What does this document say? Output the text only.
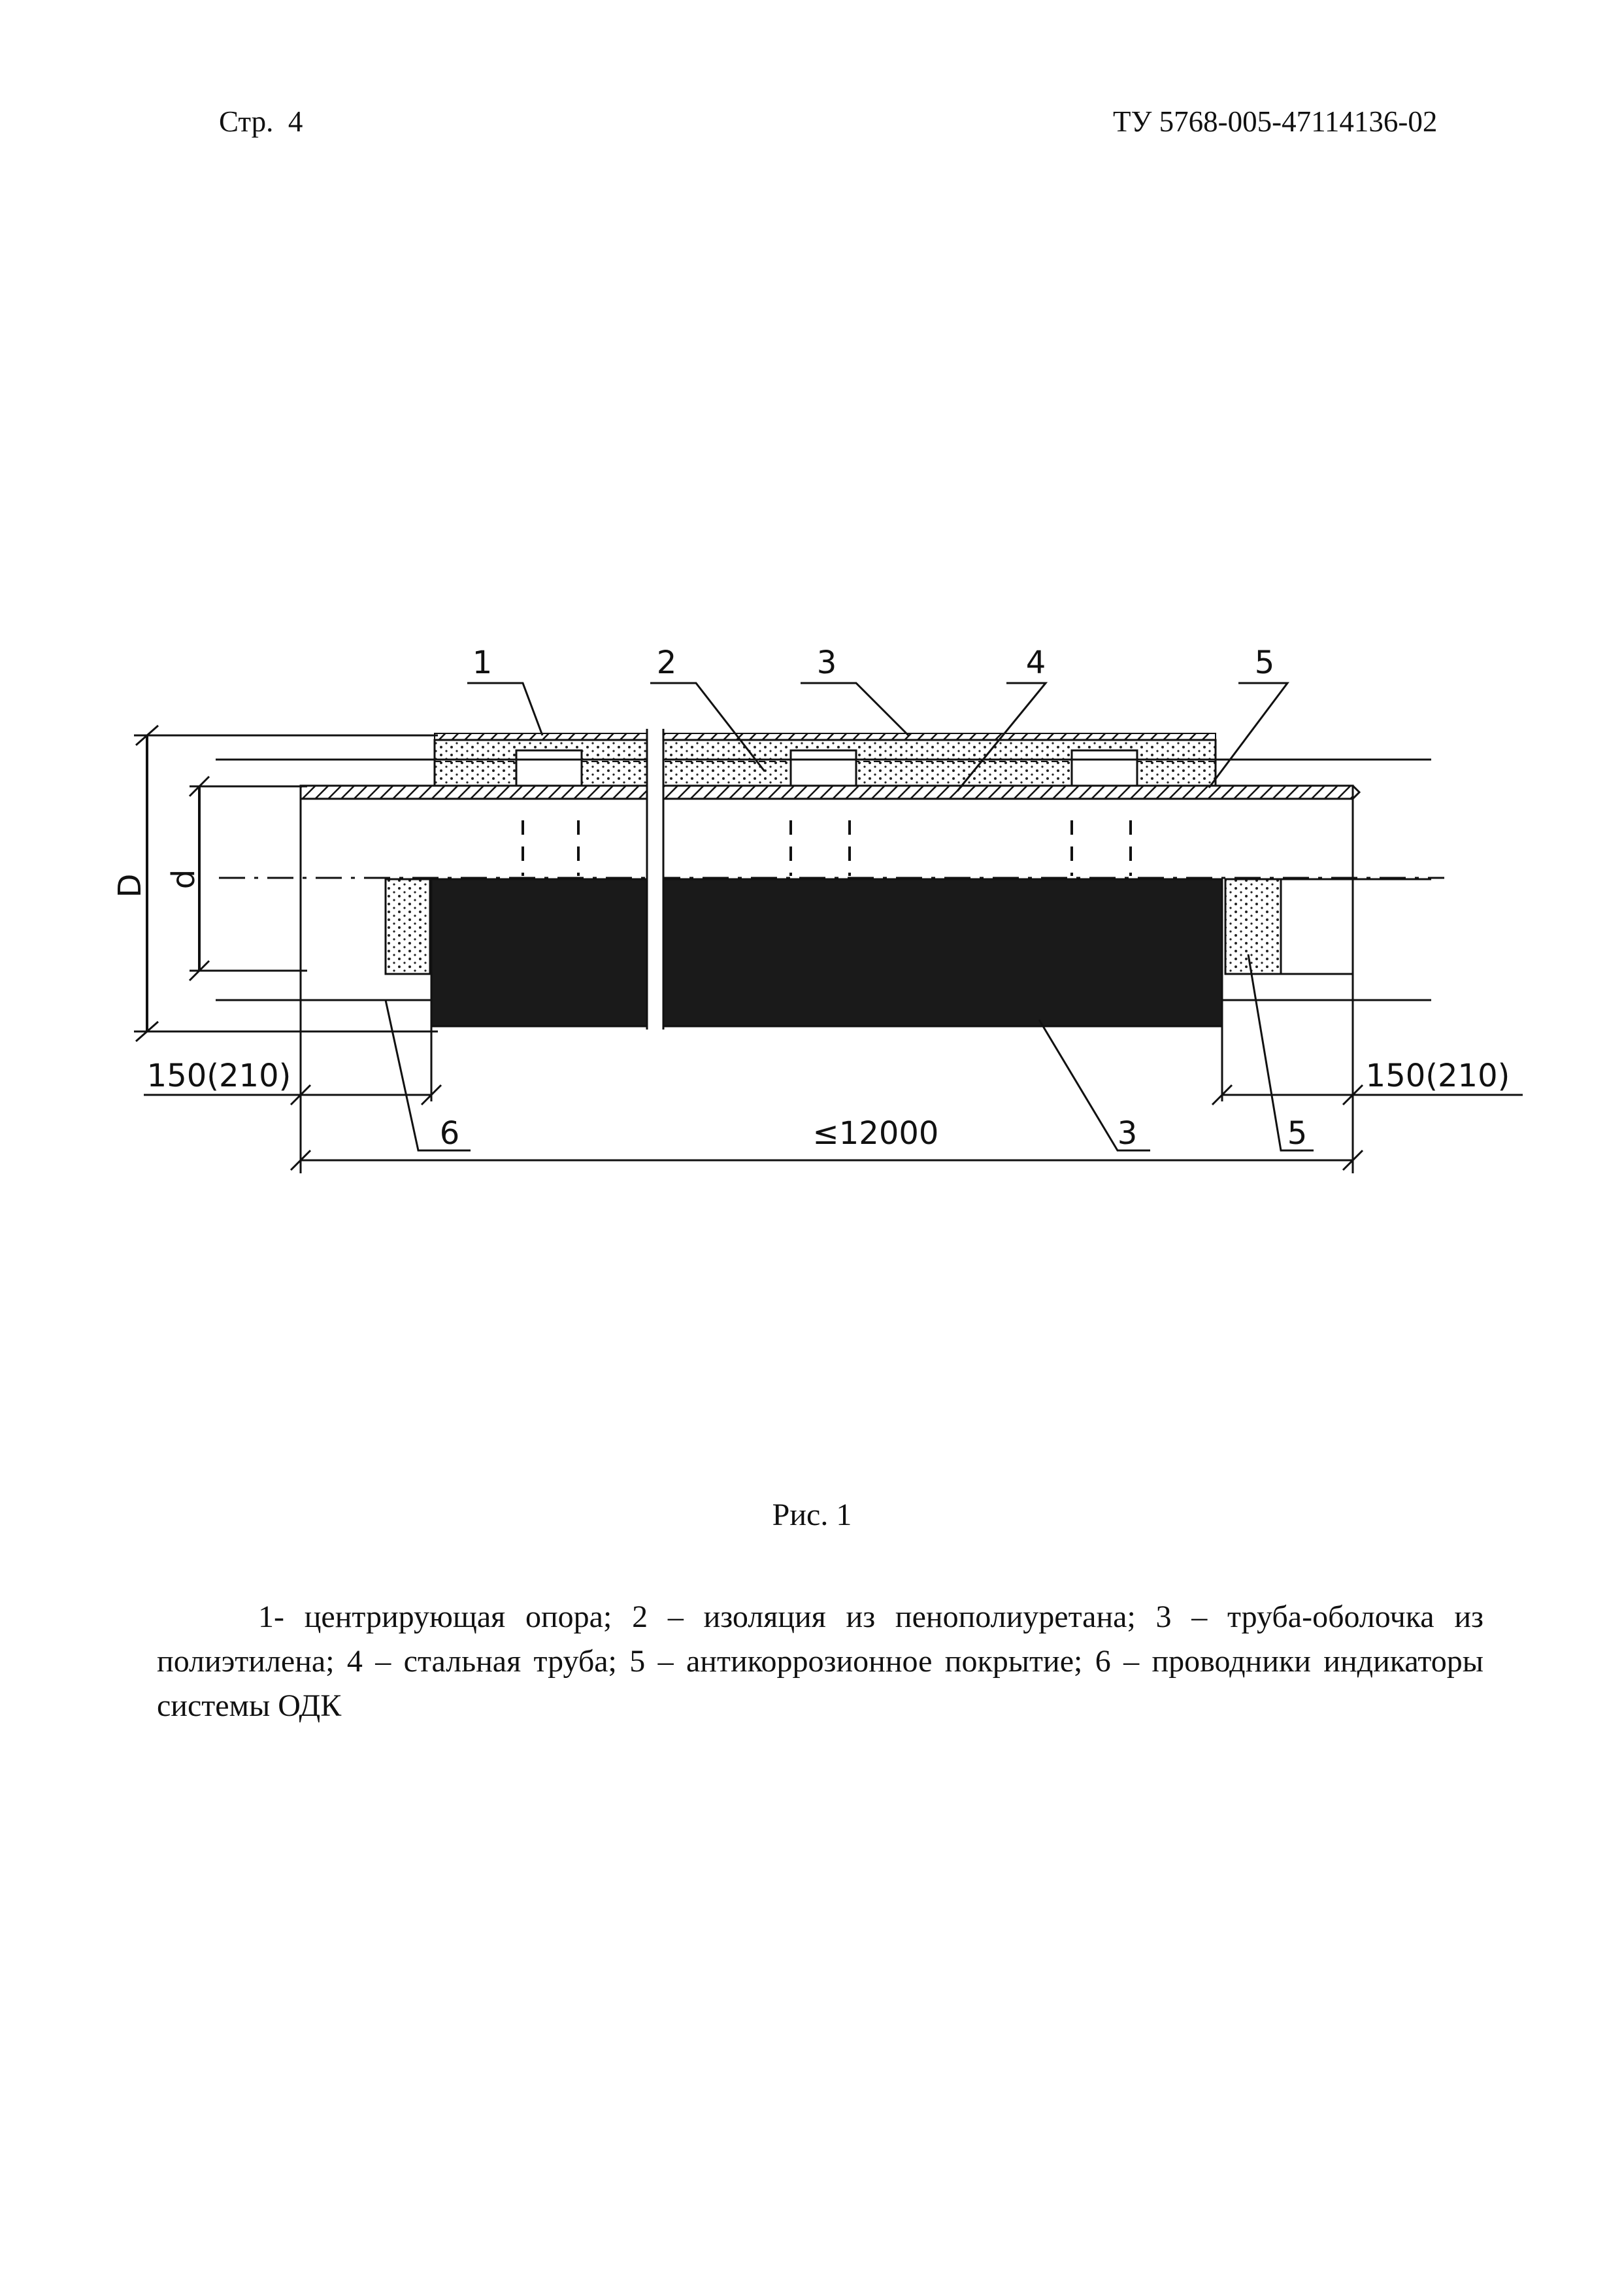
Стр. 4	ТУ 5768-005-47114136-02
D d
1	2	3	4	5
6	3	5
150(210)	150(210)
≤12000
Рис. 1
1- центрирующая опора; 2 – изоляция из пенополиуретана; 3 – труба-оболочка из полиэтилена; 4 – стальная труба; 5 – антикоррозионное покрытие; 6 – проводники индикаторы системы ОДК
